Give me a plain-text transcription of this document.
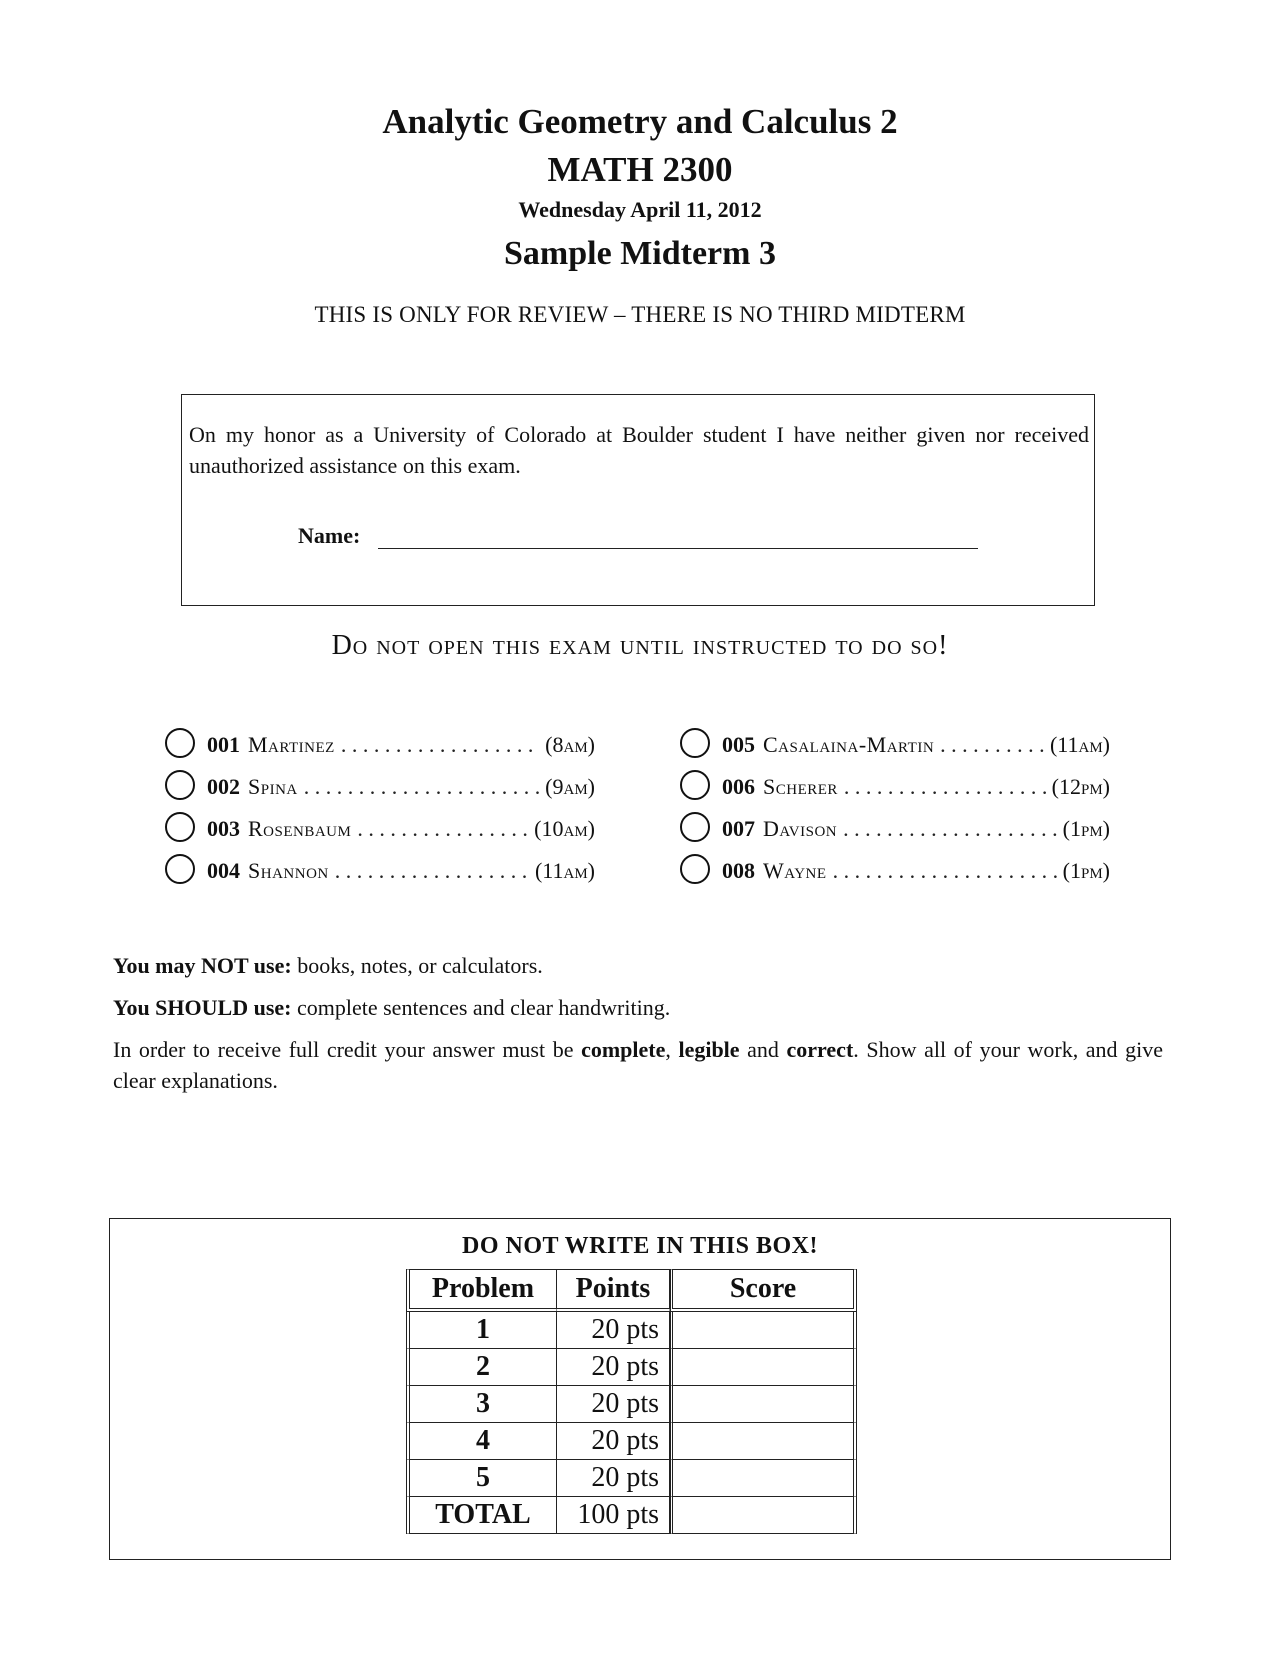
Analytic Geometry and Calculus 2
MATH 2300
Wednesday April 11, 2012
Sample Midterm 3
THIS IS ONLY FOR REVIEW – THERE IS NO THIRD MIDTERM
On my honor as a University of Colorado at Boulder student I have neither given nor received unauthorized assistance on this exam.
Name:
Do not open this exam until instructed to do so!
001 Martinez . . .	(8am)
002 Spina . . .	(9am)
003 Rosenbaum . . .	(10am)
004 Shannon . . .	(11am)
005 Casalaina-Martin . . .	(11am)
006 Scherer . . .	(12pm)
007 Davison . . .	(1pm)
008 Wayne . . .	(1pm)
You may NOT use: books, notes, or calculators.
You SHOULD use: complete sentences and clear handwriting.
In order to receive full credit your answer must be complete, legible and correct. Show all of your work, and give clear explanations.
DO NOT WRITE IN THIS BOX!
Problem	Points	Score
1	20 pts	
2	20 pts	
3	20 pts	
4	20 pts	
5	20 pts	
TOTAL	100 pts	
